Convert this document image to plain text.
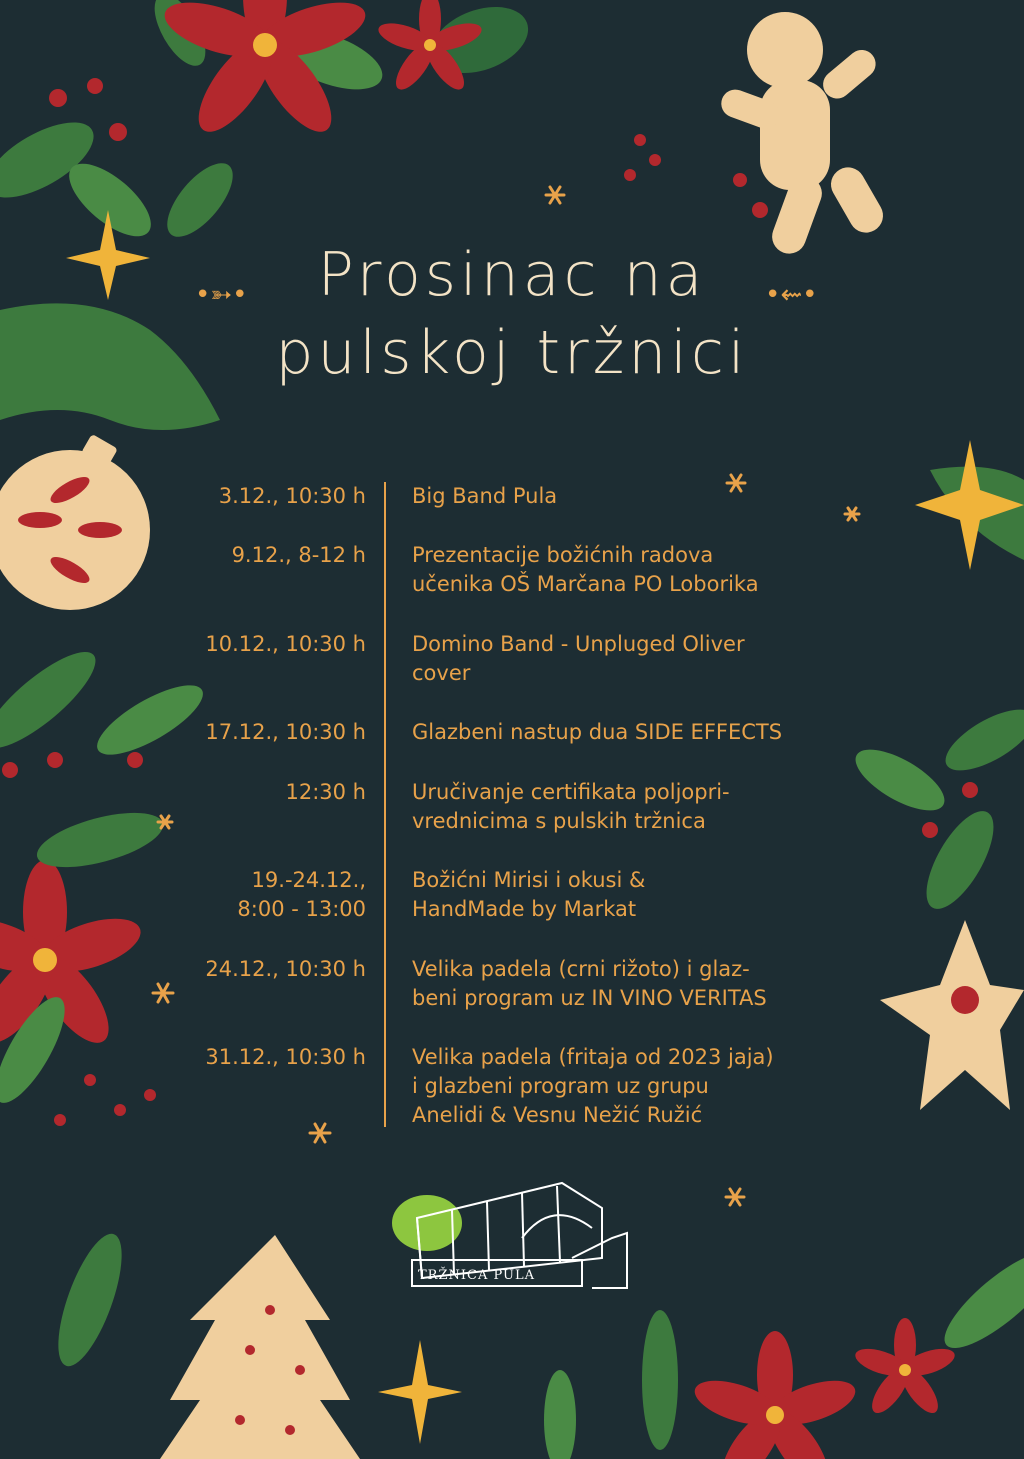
•➳•	•⇜•
Prosinac na
pulskoj tržnici
3.12., 10:30 h Big Band Pula
9.12., 8-12 h Prezentacije božićnih radova
učenika OŠ Marčana PO Loborika
10.12., 10:30 h Domino Band - Unpluged Oliver
cover
17.12., 10:30 h Glazbeni nastup dua SIDE EFFECTS
12:30 h Uručivanje certifikata poljopri-
vrednicima s pulskih tržnica
19.-24.12.,
8:00 - 13:00
Božićni Mirisi i okusi &
HandMade by Markat
24.12., 10:30 h Velika padela (crni rižoto) i glaz-
beni program uz IN VINO VERITAS
31.12., 10:30 h Velika padela (fritaja od 2023 jaja)
i glazbeni program uz grupu
Anelidi & Vesnu Nežić Ružić
TRŽNICA PULA
